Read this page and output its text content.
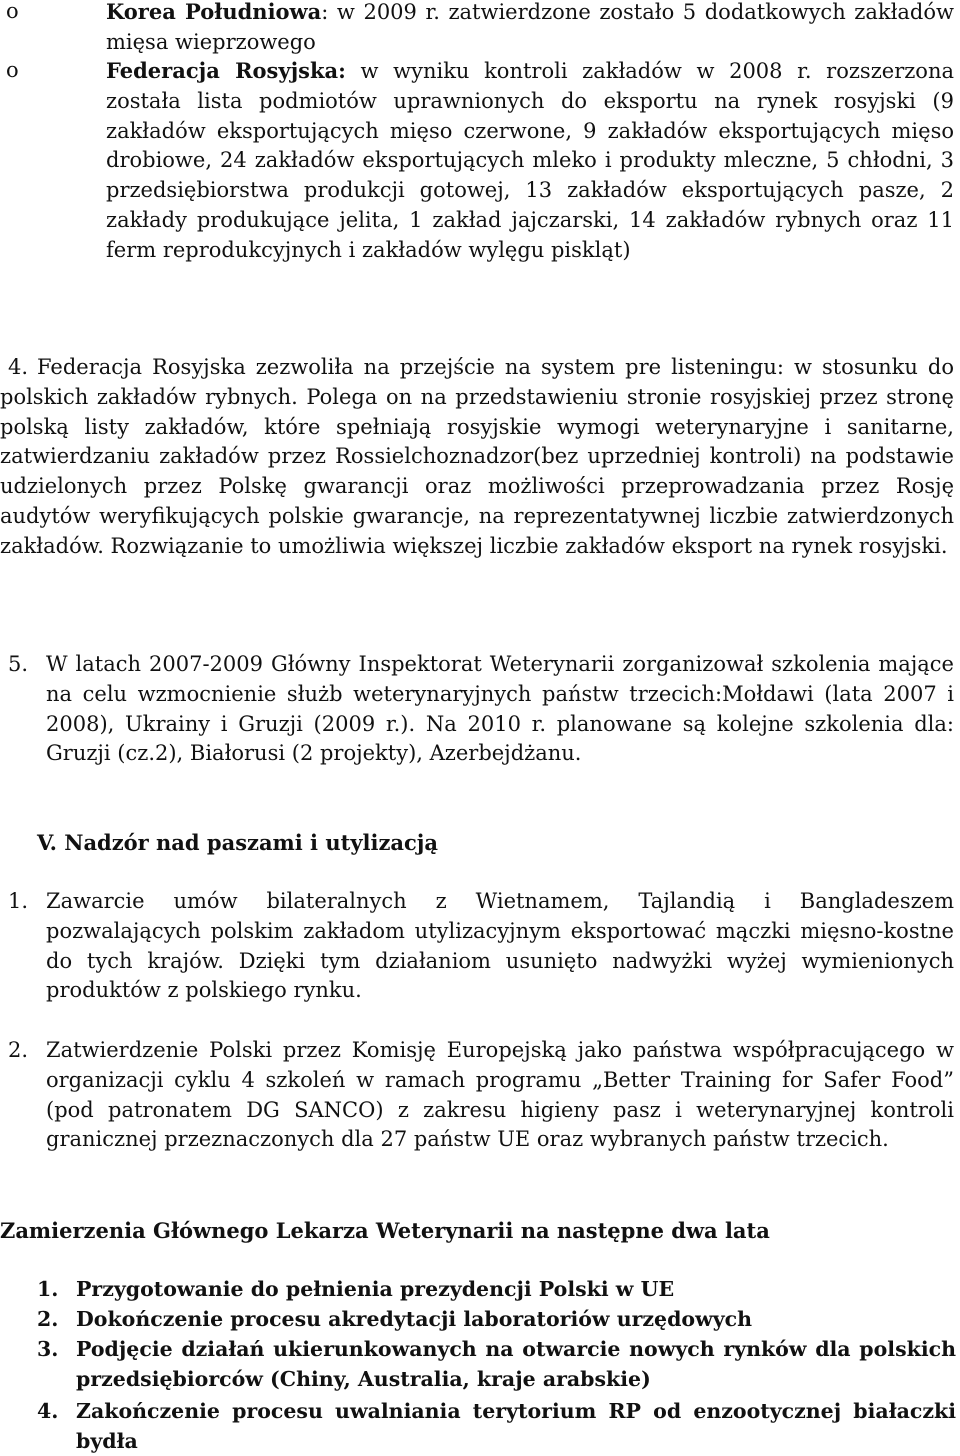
o	Korea Południowa: w 2009 r. zatwierdzone zostało 5 dodatkowych zakładów mięsa wieprzowego
o	Federacja Rosyjska: w wyniku kontroli zakładów w 2008 r. rozszerzona została lista podmiotów uprawnionych do eksportu na rynek rosyjski (9 zakładów eksportujących mięso czerwone, 9 zakładów eksportujących mięso drobiowe, 24 zakładów eksportujących mleko i produkty mleczne, 5 chłodni, 3 przedsiębiorstwa produkcji gotowej, 13 zakładów eksportujących pasze, 2 zakłady produkujące jelita, 1 zakład jajczarski, 14 zakładów rybnych oraz 11 ferm reprodukcyjnych i zakładów wylęgu piskląt)
4. Federacja Rosyjska zezwoliła na przejście na system pre listeningu: w stosunku do polskich zakładów rybnych. Polega on na przedstawieniu stronie rosyjskiej przez stronę polską listy zakładów, które spełniają rosyjskie wymogi weterynaryjne i sanitarne, zatwierdzaniu zakładów przez Rossielchoznadzor(bez uprzedniej kontroli) na podstawie udzielonych przez Polskę gwarancji oraz możliwości przeprowadzania przez Rosję audytów weryfikujących polskie gwarancje, na reprezentatywnej liczbie zatwierdzonych zakładów. Rozwiązanie to umożliwia większej liczbie zakładów eksport na rynek rosyjski.
5. W latach 2007-2009 Główny Inspektorat Weterynarii zorganizował szkolenia mające na celu wzmocnienie służb weterynaryjnych państw trzecich:Mołdawi (lata 2007 i 2008), Ukrainy i Gruzji (2009 r.). Na 2010 r. planowane są kolejne szkolenia dla: Gruzji (cz.2), Białorusi (2 projekty), Azerbejdżanu.
V. Nadzór nad paszami i utylizacją
1. Zawarcie umów bilateralnych z Wietnamem, Tajlandią i Bangladeszem pozwalających polskim zakładom utylizacyjnym eksportować mączki mięsno-kostne do tych krajów. Dzięki tym działaniom usunięto nadwyżki wyżej wymienionych produktów z polskiego rynku.
2. Zatwierdzenie Polski przez Komisję Europejską jako państwa współpracującego w organizacji cyklu 4 szkoleń w ramach programu „Better Training for Safer Food” (pod patronatem DG SANCO) z zakresu higieny pasz i weterynaryjnej kontroli granicznej przeznaczonych dla 27 państw UE oraz wybranych państw trzecich.
Zamierzenia Głównego Lekarza Weterynarii na następne dwa lata
1. Przygotowanie do pełnienia prezydencji Polski w UE
2. Dokończenie procesu akredytacji laboratoriów urzędowych
3. Podjęcie działań ukierunkowanych na otwarcie nowych rynków dla polskich przedsiębiorców (Chiny, Australia, kraje arabskie)
4. Zakończenie procesu uwalniania terytorium RP od enzootycznej białaczki bydła
